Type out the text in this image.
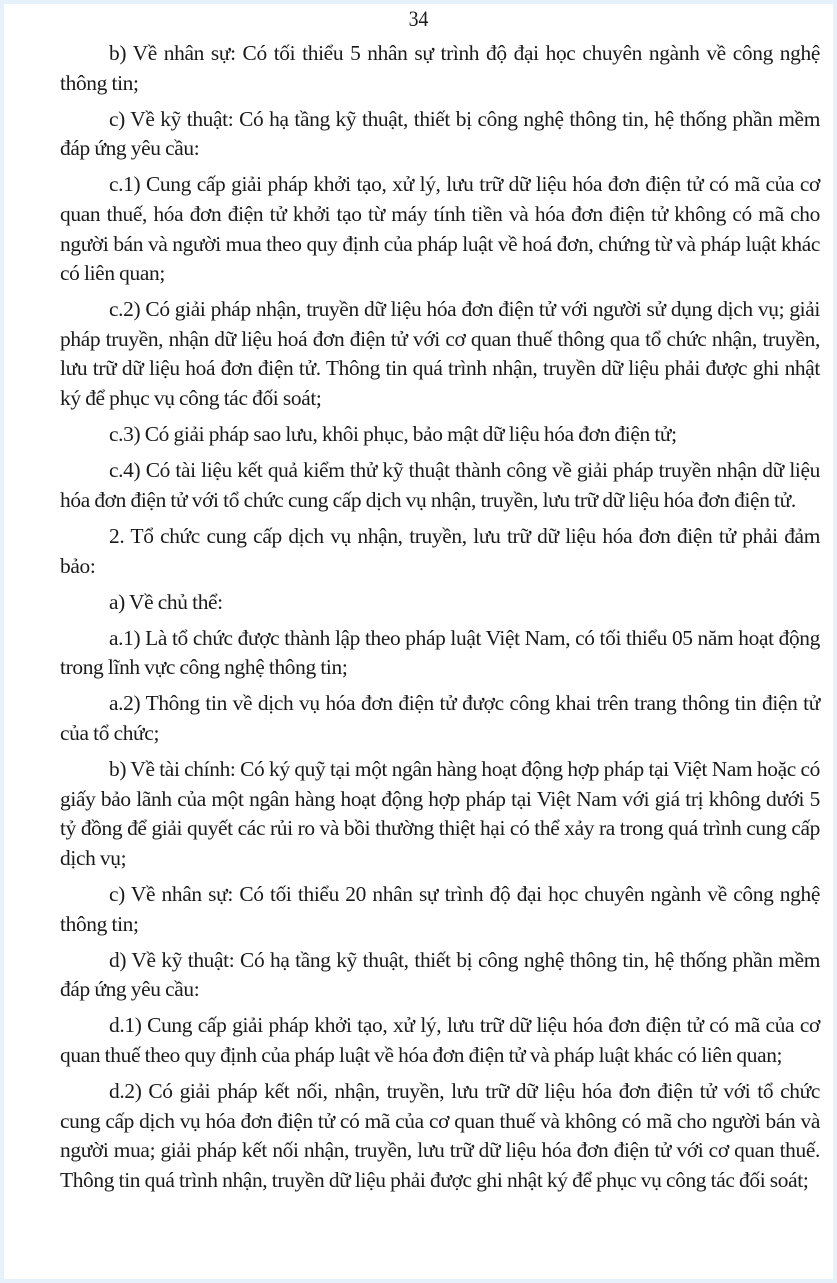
34

b) Về nhân sự: Có tối thiểu 5 nhân sự trình độ đại học chuyên ngành về công nghệ thông tin;

c) Về kỹ thuật: Có hạ tầng kỹ thuật, thiết bị công nghệ thông tin, hệ thống phần mềm đáp ứng yêu cầu:

c.1) Cung cấp giải pháp khởi tạo, xử lý, lưu trữ dữ liệu hóa đơn điện tử có mã của cơ quan thuế, hóa đơn điện tử khởi tạo từ máy tính tiền và hóa đơn điện tử không có mã cho người bán và người mua theo quy định của pháp luật về hoá đơn, chứng từ và pháp luật khác có liên quan;

c.2) Có giải pháp nhận, truyền dữ liệu hóa đơn điện tử với người sử dụng dịch vụ; giải pháp truyền, nhận dữ liệu hoá đơn điện tử với cơ quan thuế thông qua tổ chức nhận, truyền, lưu trữ dữ liệu hoá đơn điện tử. Thông tin quá trình nhận, truyền dữ liệu phải được ghi nhật ký để phục vụ công tác đối soát;

c.3) Có giải pháp sao lưu, khôi phục, bảo mật dữ liệu hóa đơn điện tử;

c.4) Có tài liệu kết quả kiểm thử kỹ thuật thành công về giải pháp truyền nhận dữ liệu hóa đơn điện tử với tổ chức cung cấp dịch vụ nhận, truyền, lưu trữ dữ liệu hóa đơn điện tử.

2. Tổ chức cung cấp dịch vụ nhận, truyền, lưu trữ dữ liệu hóa đơn điện tử phải đảm bảo:

a) Về chủ thể:

a.1) Là tổ chức được thành lập theo pháp luật Việt Nam, có tối thiểu 05 năm hoạt động trong lĩnh vực công nghệ thông tin;

a.2) Thông tin về dịch vụ hóa đơn điện tử được công khai trên trang thông tin điện tử của tổ chức;

b) Về tài chính: Có ký quỹ tại một ngân hàng hoạt động hợp pháp tại Việt Nam hoặc có giấy bảo lãnh của một ngân hàng hoạt động hợp pháp tại Việt Nam với giá trị không dưới 5 tỷ đồng để giải quyết các rủi ro và bồi thường thiệt hại có thể xảy ra trong quá trình cung cấp dịch vụ;

c) Về nhân sự: Có tối thiểu 20 nhân sự trình độ đại học chuyên ngành về công nghệ thông tin;

d) Về kỹ thuật: Có hạ tầng kỹ thuật, thiết bị công nghệ thông tin, hệ thống phần mềm đáp ứng yêu cầu:

d.1) Cung cấp giải pháp khởi tạo, xử lý, lưu trữ dữ liệu hóa đơn điện tử có mã của cơ quan thuế theo quy định của pháp luật về hóa đơn điện tử và pháp luật khác có liên quan;

d.2) Có giải pháp kết nối, nhận, truyền, lưu trữ dữ liệu hóa đơn điện tử với tổ chức cung cấp dịch vụ hóa đơn điện tử có mã của cơ quan thuế và không có mã cho người bán và người mua; giải pháp kết nối nhận, truyền, lưu trữ dữ liệu hóa đơn điện tử với cơ quan thuế. Thông tin quá trình nhận, truyền dữ liệu phải được ghi nhật ký để phục vụ công tác đối soát;
